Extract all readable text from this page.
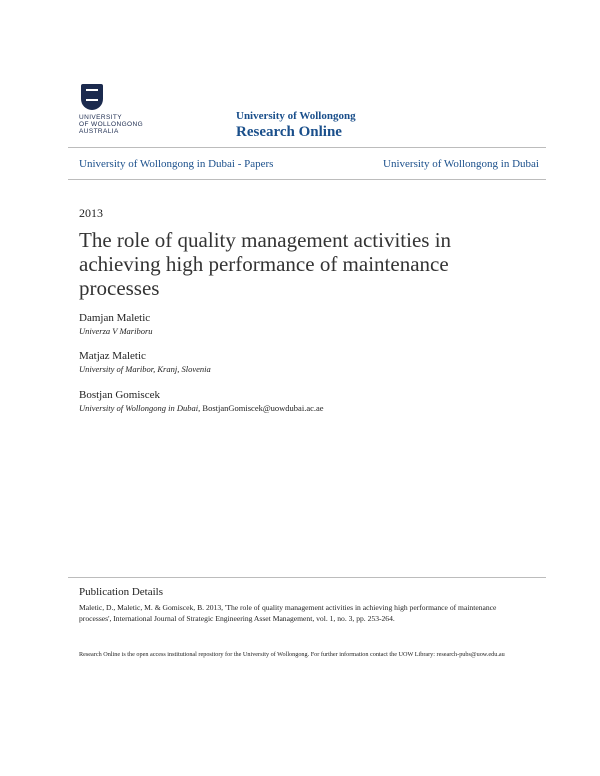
UNIVERSITY
OF WOLLONGONG
AUSTRALIA
University of Wollongong
Research Online
University of Wollongong in Dubai - Papers	University of Wollongong in Dubai
2013
The role of quality management activities in achieving high performance of maintenance processes
Damjan Maletic
Univerza V Mariboru
Matjaz Maletic
University of Maribor, Kranj, Slovenia
Bostjan Gomiscek
University of Wollongong in Dubai, BostjanGomiscek@uowdubai.ac.ae
Publication Details
Maletic, D., Maletic, M. & Gomiscek, B. 2013, 'The role of quality management activities in achieving high performance of maintenance processes', International Journal of Strategic Engineering Asset Management, vol. 1, no. 3, pp. 253-264.
Research Online is the open access institutional repository for the University of Wollongong. For further information contact the UOW Library: research-pubs@uow.edu.au
